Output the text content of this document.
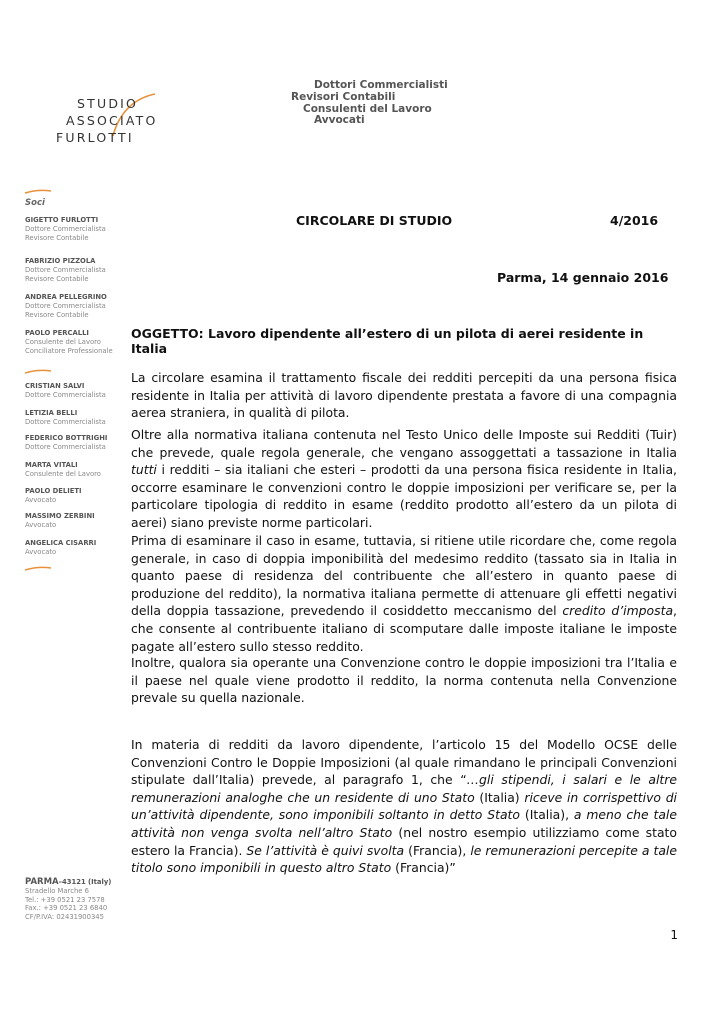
STUDIO
ASSOCIATO
FURLOTTI
Dottori Commercialisti
Revisori Contabili
Consulenti del Lavoro
Avvocati
Soci
GIGETTO FURLOTTI
Dottore Commercialista
Revisore Contabile
FABRIZIO PIZZOLA
Dottore Commercialista
Revisore Contabile
ANDREA PELLEGRINO
Dottore Commercialista
Revisore Contabile
PAOLO PERCALLI
Consulente del Lavoro
Conciliatore Professionale
CRISTIAN SALVI
Dottore Commercialista
LETIZIA BELLI
Dottore Commercialista
FEDERICO BOTTRIGHI
Dottore Commercialista
MARTA VITALI
Consulente del Lavoro
PAOLO DELIETI
Avvocato
MASSIMO ZERBINI
Avvocato
ANGELICA CISARRI
Avvocato
PARMA–43121 (Italy)
Stradello Marche 6
Tel.: +39 0521 23 7578
Fax.: +39 0521 23 6840
CF/P.IVA: 02431900345
CIRCOLARE DI STUDIO	4/2016
Parma, 14 gennaio 2016
OGGETTO: Lavoro dipendente all’estero di un pilota di aerei residente in Italia

La circolare esamina il trattamento fiscale dei redditi percepiti da una persona fisica residente in Italia per attività di lavoro dipendente prestata a favore di una compagnia aerea straniera, in qualità di pilota.

Oltre alla normativa italiana contenuta nel Testo Unico delle Imposte sui Redditi (Tuir) che prevede, quale regola generale, che vengano assoggettati a tassazione in Italia tutti i redditi – sia italiani che esteri – prodotti da una persona fisica residente in Italia, occorre esaminare le convenzioni contro le doppie imposizioni per verificare se, per la particolare tipologia di reddito in esame (reddito prodotto all’estero da un pilota di aerei) siano previste norme particolari.

Prima di esaminare il caso in esame, tuttavia, si ritiene utile ricordare che, come regola generale, in caso di doppia imponibilità del medesimo reddito (tassato sia in Italia in quanto paese di residenza del contribuente che all’estero in quanto paese di produzione del reddito), la normativa italiana permette di attenuare gli effetti negativi della doppia tassazione, prevedendo il cosiddetto meccanismo del credito d’imposta, che consente al contribuente italiano di scomputare dalle imposte italiane le imposte pagate all’estero sullo stesso reddito.

Inoltre, qualora sia operante una Convenzione contro le doppie imposizioni tra l’Italia e il paese nel quale viene prodotto il reddito, la norma contenuta nella Convenzione prevale su quella nazionale.

In materia di redditi da lavoro dipendente, l’articolo 15 del Modello OCSE delle Convenzioni Contro le Doppie Imposizioni (al quale rimandano le principali Convenzioni stipulate dall’Italia) prevede, al paragrafo 1, che “…gli stipendi, i salari e le altre remunerazioni analoghe che un residente di uno Stato (Italia) riceve in corrispettivo di un’attività dipendente, sono imponibili soltanto in detto Stato (Italia), a meno che tale attività non venga svolta nell’altro Stato (nel nostro esempio utilizziamo come stato estero la Francia). Se l’attività è quivi svolta (Francia), le remunerazioni percepite a tale titolo sono imponibili in questo altro Stato (Francia)”

1
